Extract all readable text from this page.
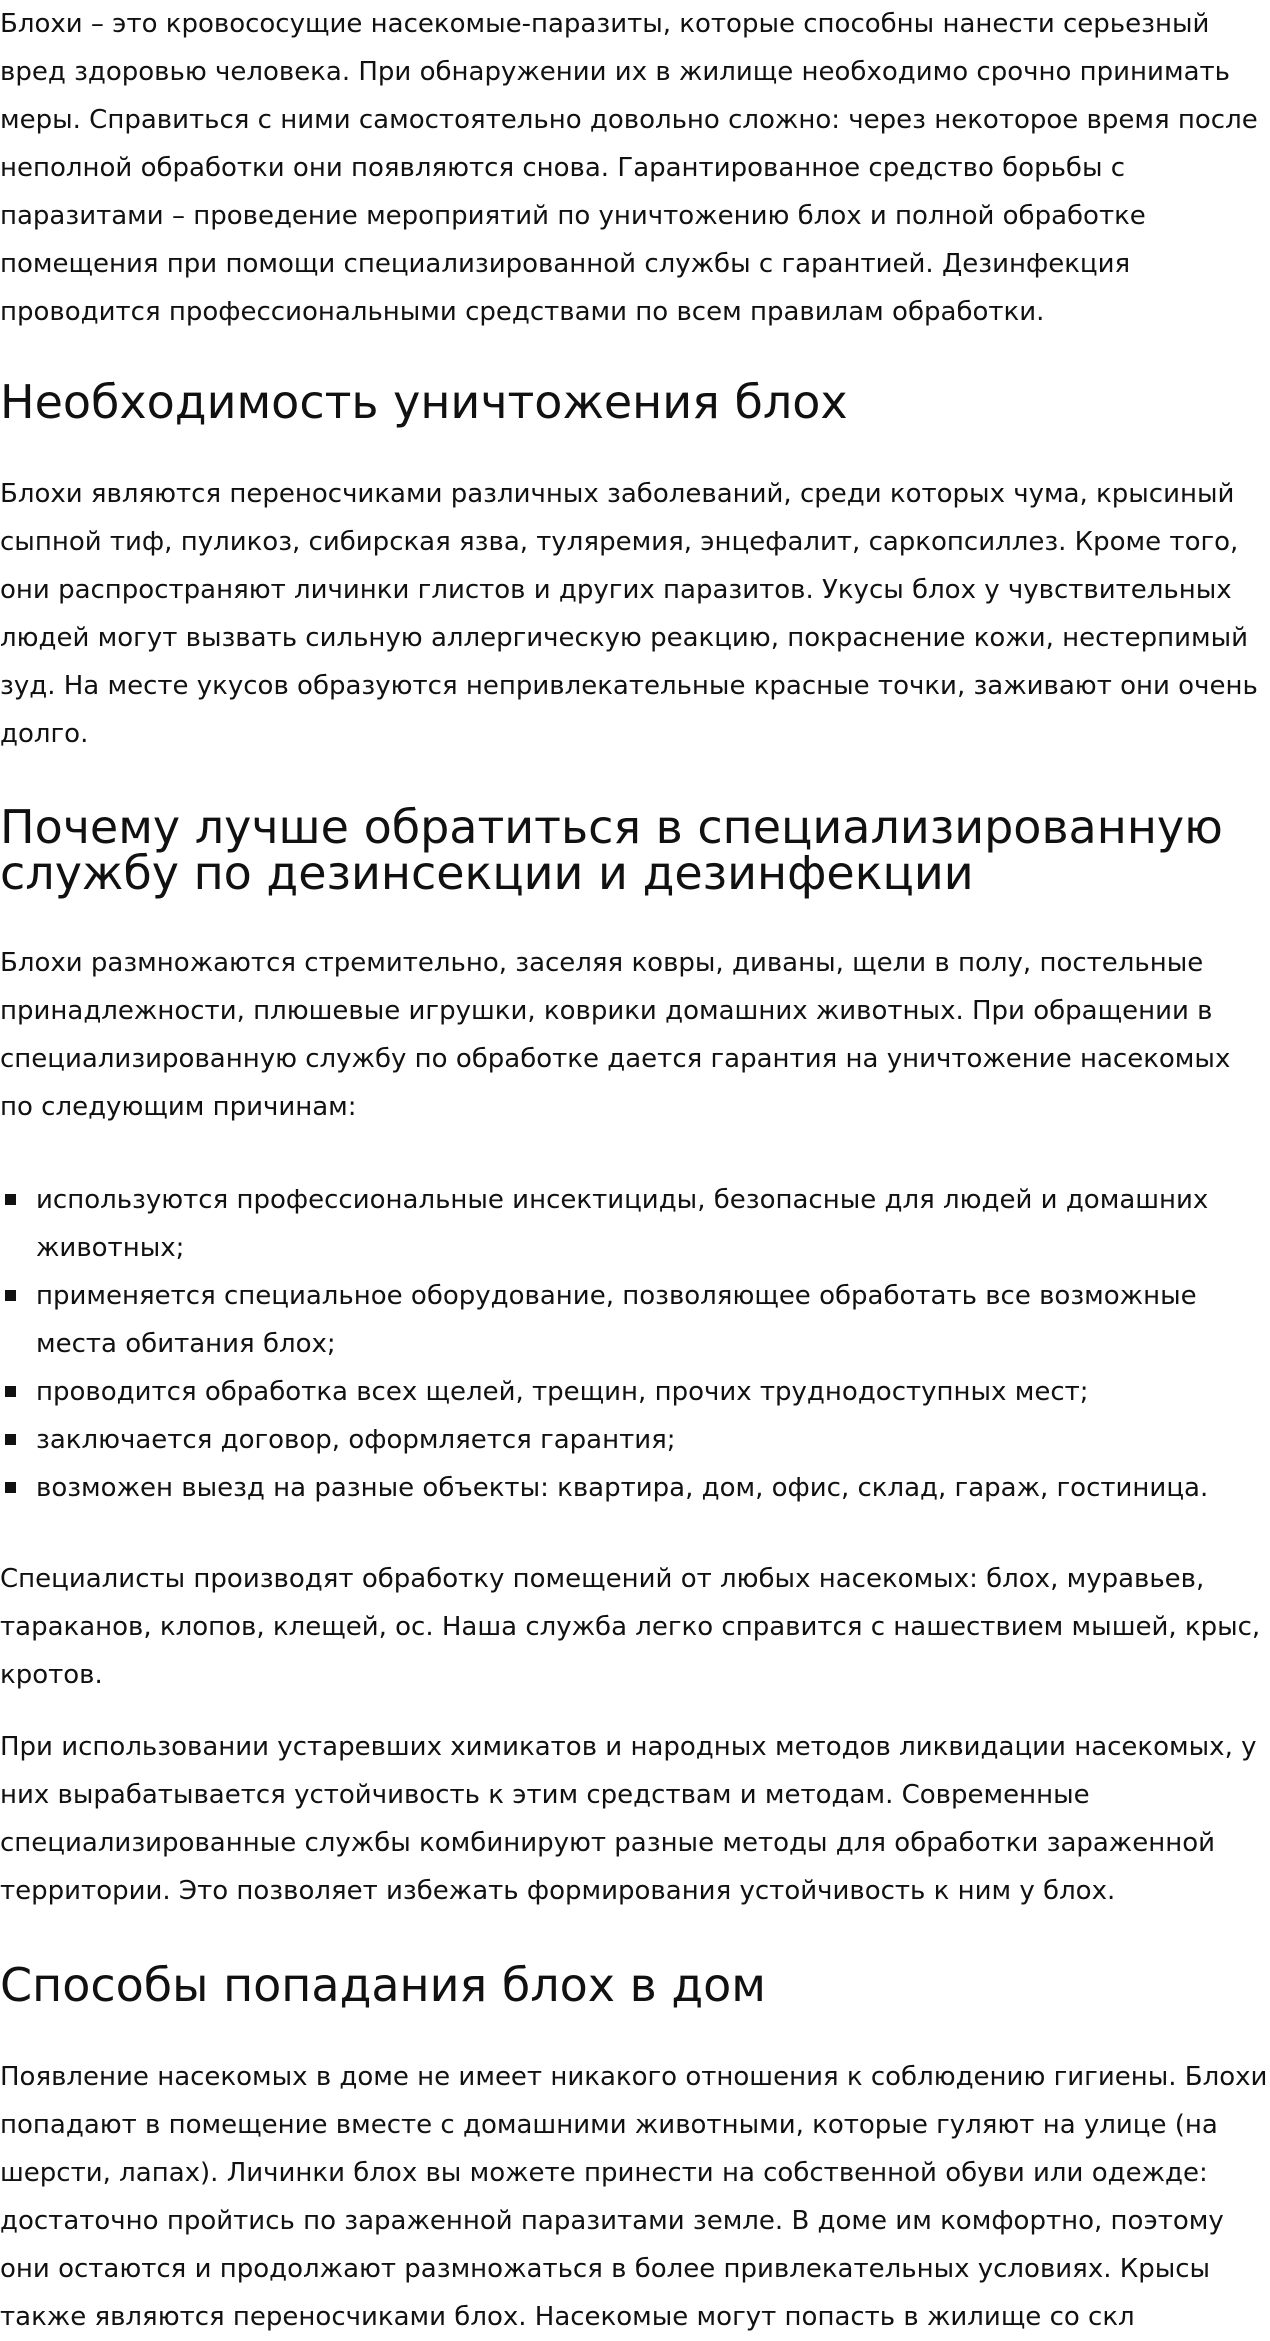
Блохи – это кровососущие насекомые-паразиты, которые способны нанести серьезный
вред здоровью человека. При обнаружении их в жилище необходимо срочно принимать
меры. Справиться с ними самостоятельно довольно сложно: через некоторое время после
неполной обработки они появляются снова. Гарантированное средство борьбы с
паразитами – проведение мероприятий по уничтожению блох и полной обработке
помещения при помощи специализированной службы с гарантией. Дезинфекция
проводится профессиональными средствами по всем правилам обработки.

Необходимость уничтожения блох

Блохи являются переносчиками различных заболеваний, среди которых чума, крысиный
сыпной тиф, пуликоз, сибирская язва, туляремия, энцефалит, саркопсиллез. Кроме того,
они распространяют личинки глистов и других паразитов. Укусы блох у чувствительных
людей могут вызвать сильную аллергическую реакцию, покраснение кожи, нестерпимый
зуд. На месте укусов образуются непривлекательные красные точки, заживают они очень
долго.

Почему лучше обратиться в специализированную
службу по дезинсекции и дезинфекции

Блохи размножаются стремительно, заселяя ковры, диваны, щели в полу, постельные
принадлежности, плюшевые игрушки, коврики домашних животных. При обращении в
специализированную службу по обработке дается гарантия на уничтожение насекомых
по следующим причинам:

используются профессиональные инсектициды, безопасные для людей и домашних
животных;
применяется специальное оборудование, позволяющее обработать все возможные
места обитания блох;
проводится обработка всех щелей, трещин, прочих труднодоступных мест;
заключается договор, оформляется гарантия;
возможен выезд на разные объекты: квартира, дом, офис, склад, гараж, гостиница.

Специалисты производят обработку помещений от любых насекомых: блох, муравьев,
тараканов, клопов, клещей, ос. Наша служба легко справится с нашествием мышей, крыс,
кротов.

При использовании устаревших химикатов и народных методов ликвидации насекомых, у
них вырабатывается устойчивость к этим средствам и методам. Современные
специализированные службы комбинируют разные методы для обработки зараженной
территории. Это позволяет избежать формирования устойчивость к ним у блох.

Способы попадания блох в дом

Появление насекомых в доме не имеет никакого отношения к соблюдению гигиены. Блохи
попадают в помещение вместе с домашними животными, которые гуляют на улице (на
шерсти, лапах). Личинки блох вы можете принести на собственной обуви или одежде:
достаточно пройтись по зараженной паразитами земле. В доме им комфортно, поэтому
они остаются и продолжают размножаться в более привлекательных условиях. Крысы
также являются переносчиками блох. Насекомые могут попасть в жилище со скл
